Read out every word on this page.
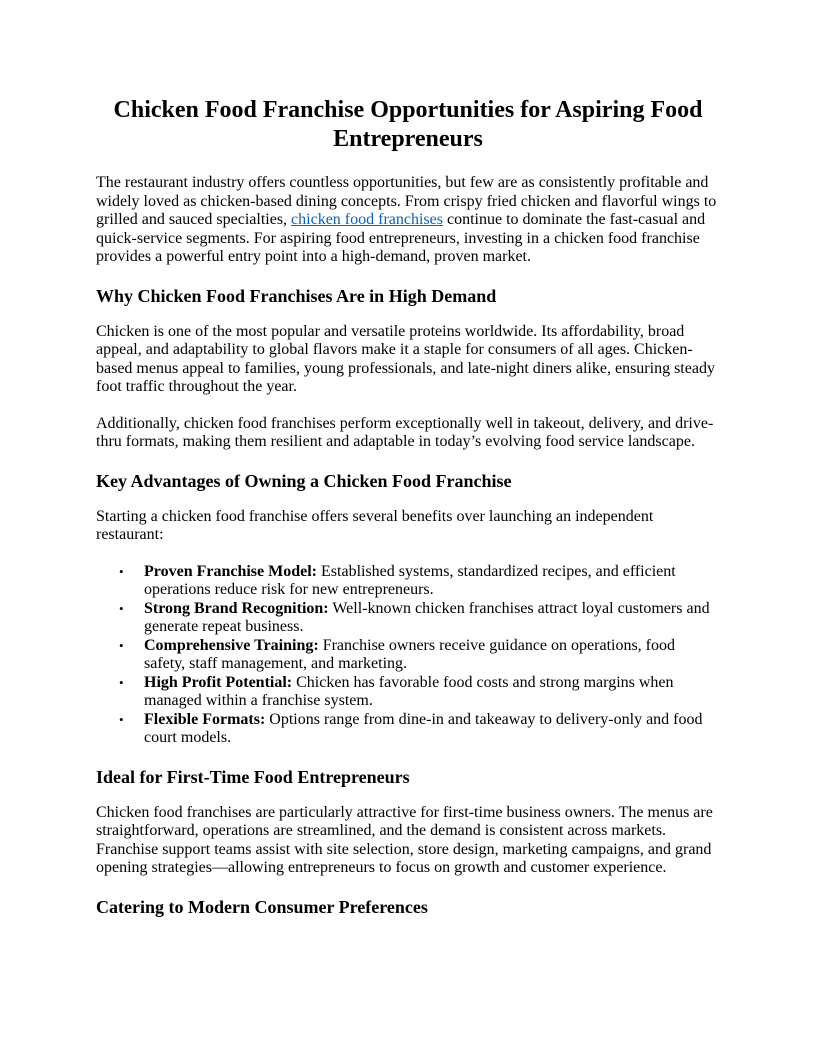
Chicken Food Franchise Opportunities for Aspiring Food Entrepreneurs

The restaurant industry offers countless opportunities, but few are as consistently profitable and widely loved as chicken-based dining concepts. From crispy fried chicken and flavorful wings to grilled and sauced specialties, chicken food franchises continue to dominate the fast-casual and quick-service segments. For aspiring food entrepreneurs, investing in a chicken food franchise provides a powerful entry point into a high-demand, proven market.

Why Chicken Food Franchises Are in High Demand

Chicken is one of the most popular and versatile proteins worldwide. Its affordability, broad appeal, and adaptability to global flavors make it a staple for consumers of all ages. Chicken-based menus appeal to families, young professionals, and late-night diners alike, ensuring steady foot traffic throughout the year.

Additionally, chicken food franchises perform exceptionally well in takeout, delivery, and drive-thru formats, making them resilient and adaptable in today’s evolving food service landscape.

Key Advantages of Owning a Chicken Food Franchise

Starting a chicken food franchise offers several benefits over launching an independent restaurant:

• Proven Franchise Model: Established systems, standardized recipes, and efficient operations reduce risk for new entrepreneurs.
• Strong Brand Recognition: Well-known chicken franchises attract loyal customers and generate repeat business.
• Comprehensive Training: Franchise owners receive guidance on operations, food safety, staff management, and marketing.
• High Profit Potential: Chicken has favorable food costs and strong margins when managed within a franchise system.
• Flexible Formats: Options range from dine-in and takeaway to delivery-only and food court models.
Ideal for First-Time Food Entrepreneurs

Chicken food franchises are particularly attractive for first-time business owners. The menus are straightforward, operations are streamlined, and the demand is consistent across markets. Franchise support teams assist with site selection, store design, marketing campaigns, and grand opening strategies—allowing entrepreneurs to focus on growth and customer experience.

Catering to Modern Consumer Preferences
